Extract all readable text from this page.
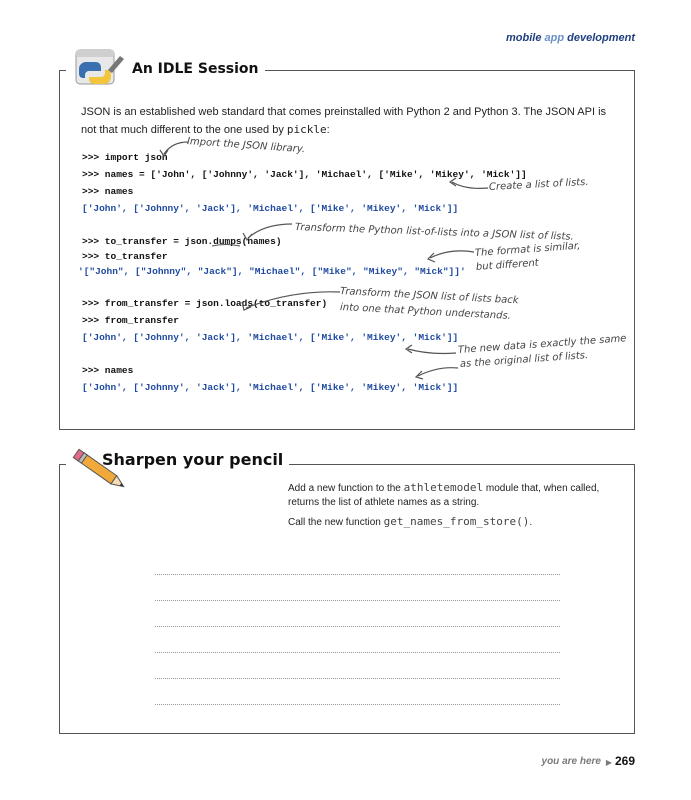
mobile app development
An IDLE Session
JSON is an established web standard that comes preinstalled with Python 2 and Python 3. The JSON API is not that much different to the one used by pickle:
>>> import json
>>> names = ['John', ['Johnny', 'Jack'], 'Michael', ['Mike', 'Mikey', 'Mick']]
>>> names
['John', ['Johnny', 'Jack'], 'Michael', ['Mike', 'Mikey', 'Mick']]
>>> to_transfer = json.dumps(names)
>>> to_transfer
'["John", ["Johnny", "Jack"], "Michael", ["Mike", "Mikey", "Mick"]]'
>>> from_transfer = json.loads(to_transfer)
>>> from_transfer
['John', ['Johnny', 'Jack'], 'Michael', ['Mike', 'Mikey', 'Mick']]
>>> names
['John', ['Johnny', 'Jack'], 'Michael', ['Mike', 'Mikey', 'Mick']]
Import the JSON library.
Create a list of lists.
Transform the Python list-of-lists into a JSON list of lists.
The format is similar,
but different
Transform the JSON list of lists back
into one that Python understands.
The new data is exactly the same
as the original list of lists.
Sharpen your pencil
Add a new function to the athletemodel module that, when called, returns the list of athlete names as a string.
Call the new function get_names_from_store().
you are here ▶ 269
